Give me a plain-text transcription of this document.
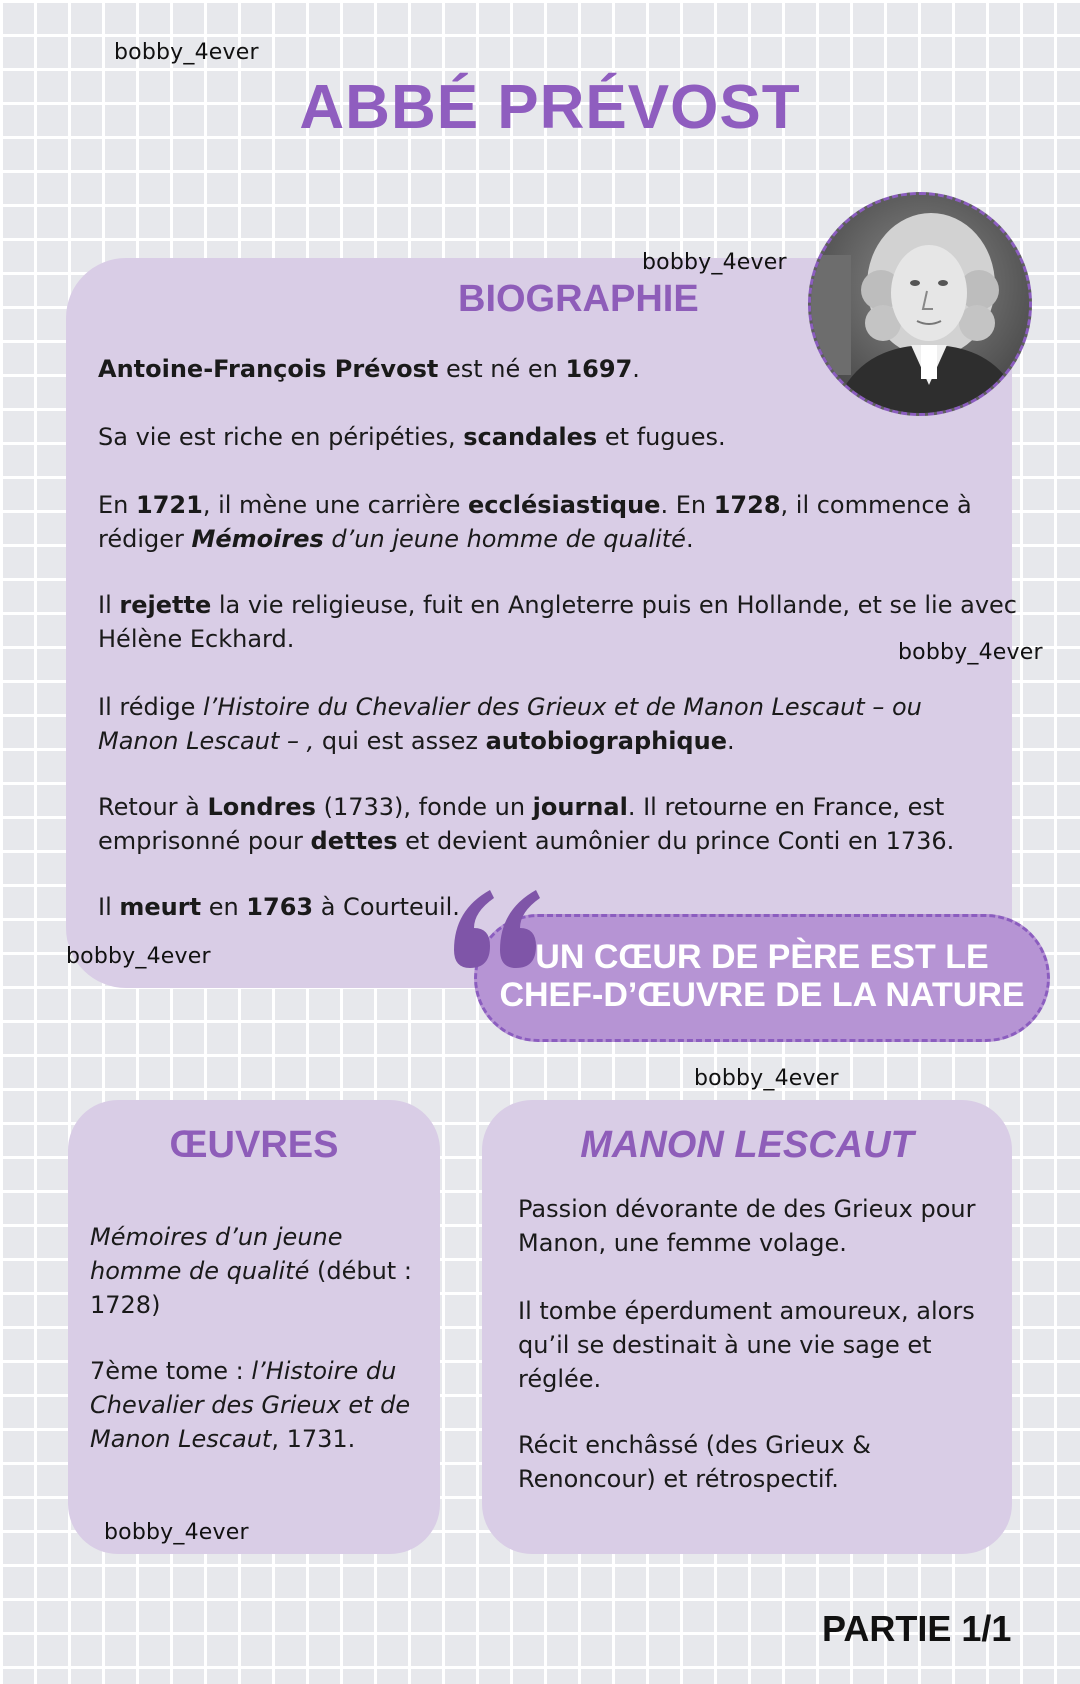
bobby_4ever
ABBÉ PRÉVOST
BIOGRAPHIE
bobby_4ever
Antoine-François Prévost est né en 1697.
Sa vie est riche en péripéties, scandales et fugues.
En 1721, il mène une carrière ecclésiastique. En 1728, il commence à
rédiger Mémoires d’un jeune homme de qualité.
Il rejette la vie religieuse, fuit en Angleterre puis en Hollande, et se lie avec
Hélène Eckhard.	bobby_4ever
Il rédige l’Histoire du Chevalier des Grieux et de Manon Lescaut – ou
Manon Lescaut – , qui est assez autobiographique.
Retour à Londres (1733), fonde un journal. Il retourne en France, est
emprisonné pour dettes et devient aumônier du prince Conti en 1736.
Il meurt en 1763 à Courteuil.
bobby_4ever	UN CŒUR DE PÈRE EST LE
CHEF-D’ŒUVRE DE LA NATURE
bobby_4ever
ŒUVRES
Mémoires d’un jeune
homme de qualité (début :
1728)
7ème tome : l’Histoire du
Chevalier des Grieux et de
Manon Lescaut, 1731.
bobby_4ever
MANON LESCAUT
Passion dévorante de des Grieux pour
Manon, une femme volage.
Il tombe éperdument amoureux, alors
qu’il se destinait à une vie sage et
réglée.
Récit enchâssé (des Grieux &
Renoncour) et rétrospectif.
PARTIE 1/1
